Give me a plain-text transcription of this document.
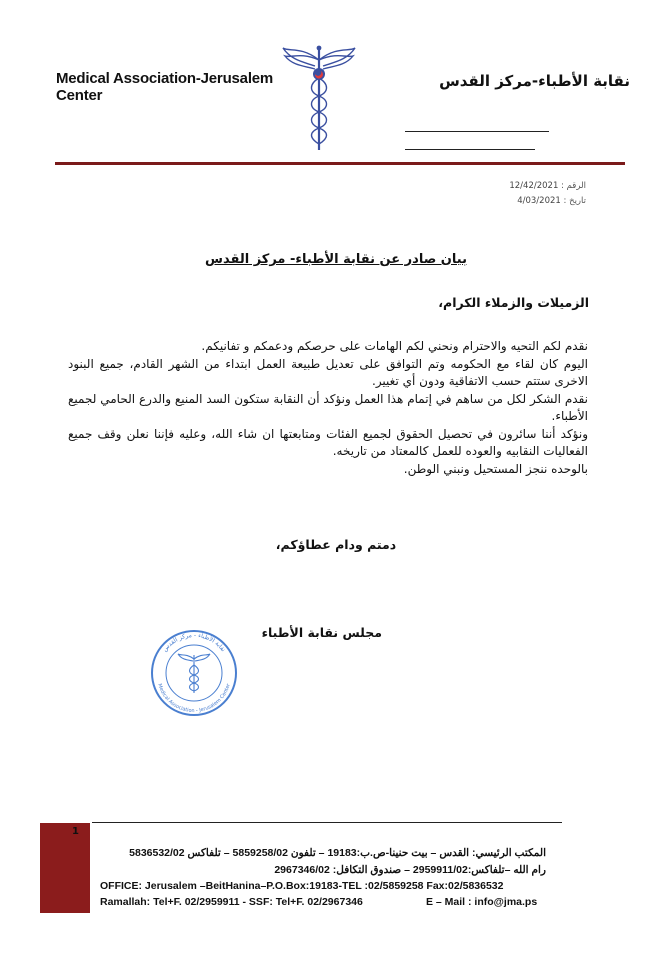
Medical Association-Jerusalem Center
نقابة الأطباء-مركز القدس
الرقم : 12/42/2021
تاريخ : 4/03/2021
بيان صادر عن نقابة الأطباء- مركز القدس
الزميلات والزملاء الكرام،

نقدم لكم التحيه والاحترام ونحني لكم الهامات على حرصكم ودعمكم و تفانيكم.

اليوم كان لقاء مع الحكومه وتم التوافق على تعديل طبيعة العمل ابتداء من الشهر القادم، جميع البنود الاخرى ستتم حسب الاتفاقية ودون أي تغيير.

نقدم الشكر لكل من ساهم في إتمام هذا العمل ونؤكد أن النقابة ستكون السد المنيع والدرع الحامي لجميع الأطباء.

ونؤكد أننا سائرون في تحصيل الحقوق لجميع الفئات ومتابعتها ان شاء الله، وعليه فإننا نعلن وقف جميع الفعاليات النقابيه والعوده للعمل كالمعتاد من تاريخه.

بالوحده ننجز المستحيل ونبني الوطن.

دمتم ودام عطاؤكم،
مجلس نقابة الأطباء
نقابة الأطباء - مركز القدس
Medical Association - Jerusalem Center
1
المكتب الرئيسي: القدس – بيت حنينا-ص.ب:19183 – تلفون 5859258/02 – تلفاكس 5836532/02
رام الله –تلفاكس:2959911/02 – صندوق التكافل: 2967346/02
OFFICE: Jerusalem –BeitHanina–P.O.Box:19183-TEL :02/5859258 Fax:02/5836532
Ramallah: Tel+F. 02/2959911 - SSF: Tel+F. 02/2967346	E – Mail : info@jma.ps
